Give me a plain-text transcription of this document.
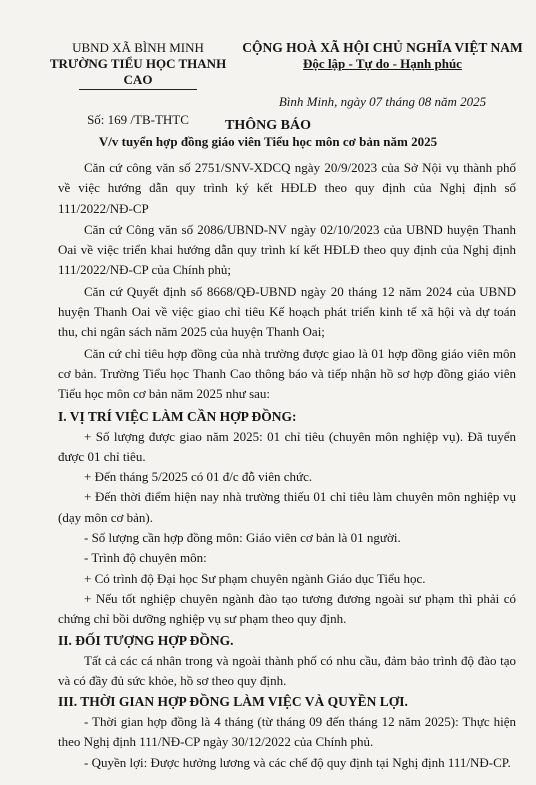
UBND XÃ BÌNH MINH
TRƯỜNG TIỂU HỌC THANH CAO
Số: 169 /TB-THTC
CỘNG HOÀ XÃ HỘI CHỦ NGHĨA VIỆT NAM
Độc lập - Tự do - Hạnh phúc
Bình Minh, ngày 07 tháng 08 năm 2025
THÔNG BÁO
V/v tuyển hợp đồng giáo viên Tiểu học môn cơ bản năm 2025

Căn cứ công văn số 2751/SNV-XDCQ ngày 20/9/2023 của Sở Nội vụ thành phố về việc hướng dẫn quy trình ký kết HĐLĐ theo quy định của Nghị định số 111/2022/NĐ-CP

Căn cứ Công văn số 2086/UBND-NV ngày 02/10/2023 của UBND huyện Thanh Oai về việc triển khai hướng dẫn quy trình kí kết HĐLĐ theo quy định của Nghị định 111/2022/NĐ-CP của Chính phủ;

Căn cứ Quyết định số 8668/QĐ-UBND ngày 20 tháng 12 năm 2024 của UBND huyện Thanh Oai về việc giao chỉ tiêu Kế hoạch phát triển kinh tế xã hội và dự toán thu, chi ngân sách năm 2025 của huyện Thanh Oai;

Căn cứ chỉ tiêu hợp đồng của nhà trường được giao là 01 hợp đồng giáo viên môn cơ bản. Trường Tiểu học Thanh Cao thông báo và tiếp nhận hồ sơ hợp đồng giáo viên Tiểu học môn cơ bản năm 2025 như sau:

I. VỊ TRÍ VIỆC LÀM CẦN HỢP ĐỒNG:

+ Số lượng được giao năm 2025: 01 chỉ tiêu (chuyên môn nghiệp vụ). Đã tuyển được 01 chỉ tiêu.

+ Đến tháng 5/2025 có 01 đ/c đỗ viên chức.

+ Đến thời điểm hiện nay nhà trường thiếu 01 chỉ tiêu làm chuyên môn nghiệp vụ (dạy môn cơ bản).

- Số lượng cần hợp đồng môn: Giáo viên cơ bản là 01 người.

- Trình độ chuyên môn:

+ Có trình độ Đại học Sư phạm chuyên ngành Giáo dục Tiểu học.

+ Nếu tốt nghiệp chuyên ngành đào tạo tương đương ngoài sư phạm thì phải có chứng chỉ bồi dưỡng nghiệp vụ sư phạm theo quy định.

II. ĐỐI TƯỢNG HỢP ĐỒNG.

Tất cả các cá nhân trong và ngoài thành phố có nhu cầu, đảm bảo trình độ đào tạo và có đầy đủ sức khỏe, hồ sơ theo quy định.

III. THỜI GIAN HỢP ĐỒNG LÀM VIỆC VÀ QUYỀN LỢI.

- Thời gian hợp đồng là 4 tháng (từ tháng 09 đến tháng 12 năm 2025): Thực hiện theo Nghị định 111/NĐ-CP ngày 30/12/2022 của Chính phủ.

- Quyền lợi: Được hưởng lương và các chế độ quy định tại Nghị định 111/NĐ-CP.
